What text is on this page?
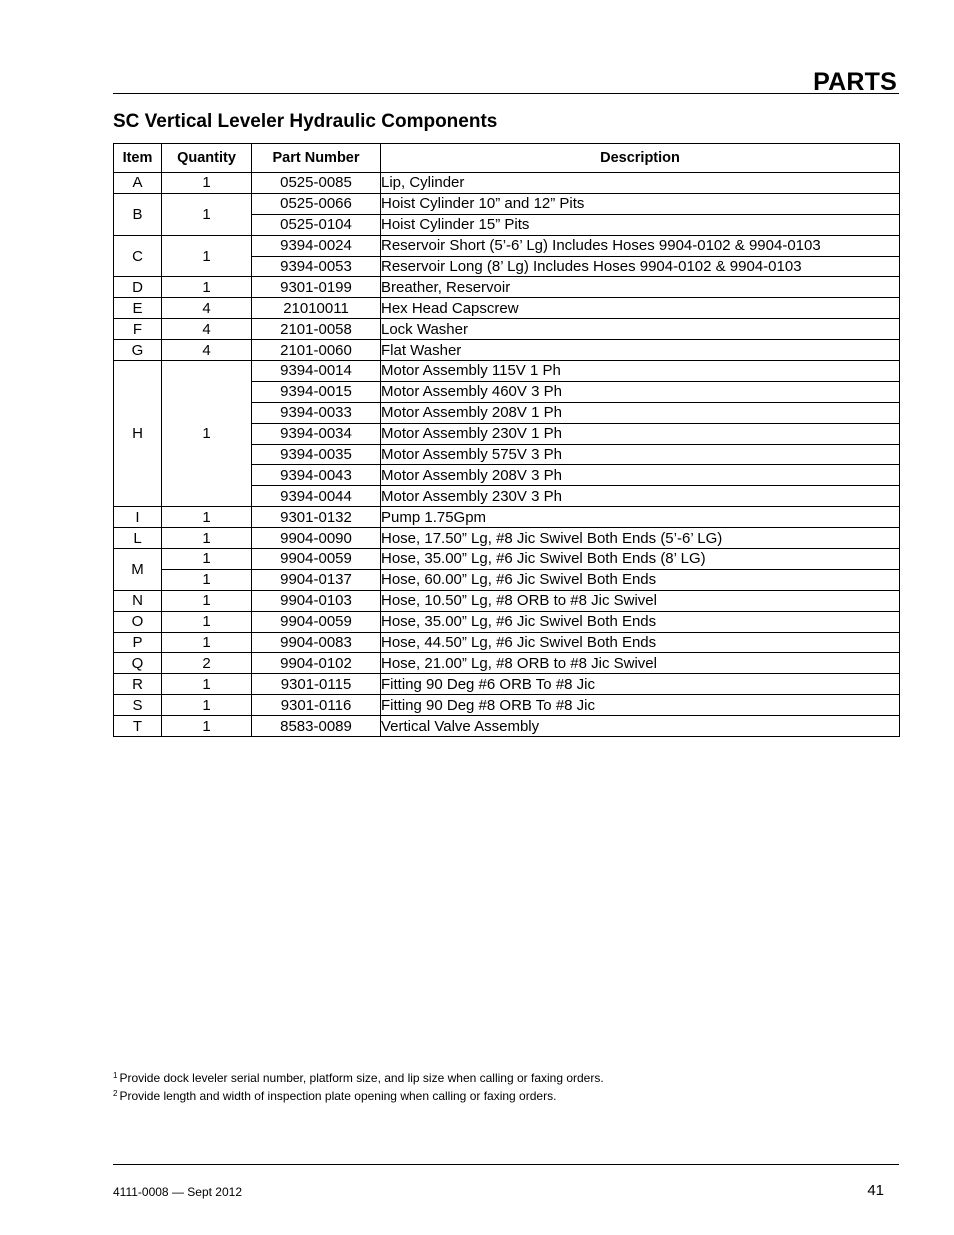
PARTS
SC Vertical Leveler Hydraulic Components
Item	Quantity	Part Number	Description
A	1	0525-0085	Lip, Cylinder
B	1	0525-0066	Hoist Cylinder 10” and 12” Pits
		0525-0104	Hoist Cylinder 15” Pits
C	1	9394-0024	Reservoir Short (5’-6’ Lg) Includes Hoses 9904-0102 & 9904-0103
		9394-0053	Reservoir Long (8’ Lg) Includes Hoses 9904-0102 & 9904-0103
D	1	9301-0199	Breather, Reservoir
E	4	21010011	Hex Head Capscrew
F	4	2101-0058	Lock Washer
G	4	2101-0060	Flat Washer
H	1	9394-0014	Motor Assembly 115V 1 Ph
		9394-0015	Motor Assembly 460V 3 Ph
		9394-0033	Motor Assembly 208V 1 Ph
		9394-0034	Motor Assembly 230V 1 Ph
		9394-0035	Motor Assembly 575V 3 Ph
		9394-0043	Motor Assembly 208V 3 Ph
		9394-0044	Motor Assembly 230V 3 Ph
I	1	9301-0132	Pump 1.75Gpm
L	1	9904-0090	Hose, 17.50” Lg, #8 Jic Swivel Both Ends (5’-6’ LG)
M	1	9904-0059	Hose, 35.00” Lg, #6 Jic Swivel Both Ends (8’ LG)
	1	9904-0137	Hose, 60.00” Lg, #6 Jic Swivel Both Ends
N	1	9904-0103	Hose, 10.50” Lg, #8 ORB to #8 Jic Swivel
O	1	9904-0059	Hose, 35.00” Lg, #6 Jic Swivel Both Ends
P	1	9904-0083	Hose, 44.50” Lg, #6 Jic Swivel Both Ends
Q	2	9904-0102	Hose, 21.00” Lg, #8 ORB to #8 Jic Swivel
R	1	9301-0115	Fitting 90 Deg #6 ORB To #8 Jic
S	1	9301-0116	Fitting 90 Deg #8 ORB To #8 Jic
T	1	8583-0089	Vertical Valve Assembly
$^1$ Provide dock leveler serial number, platform size, and lip size when calling or faxing orders.
$^2$ Provide length and width of inspection plate opening when calling or faxing orders.
4111-0008 — Sept 2012	41
